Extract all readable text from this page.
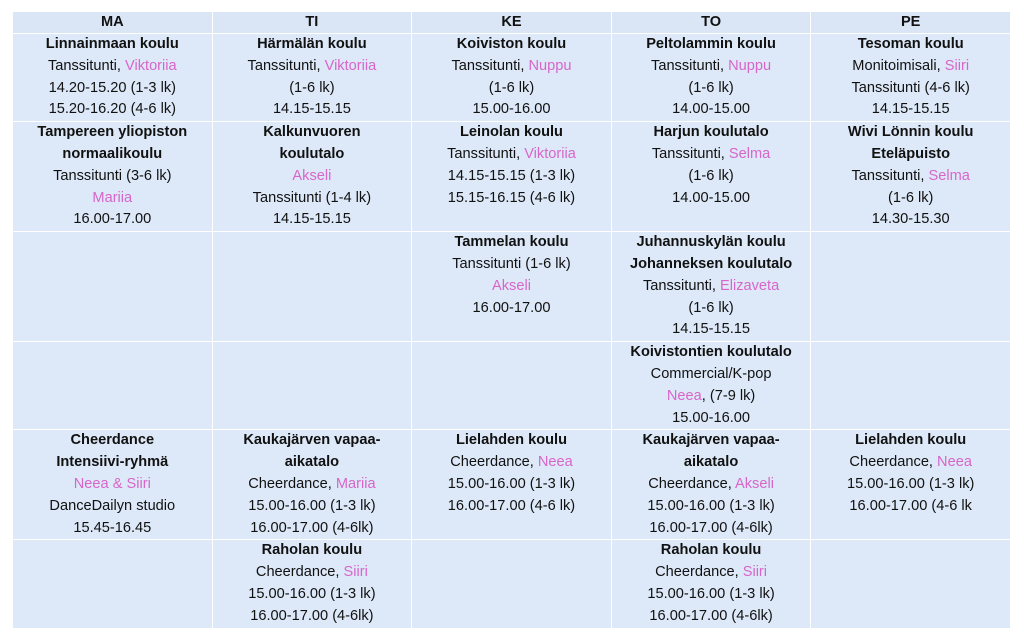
MA	TI	KE	TO	PE

Linnainmaan koulu
Tanssitunti, Viktoriia
14.20-15.20 (1-3 lk)
15.20-16.20 (4-6 lk)	Härmälän koulu
Tanssitunti, Viktoriia
(1-6 lk)
14.15-15.15	Koiviston koulu
Tanssitunti, Nuppu
(1-6 lk)
15.00-16.00	Peltolammin koulu
Tanssitunti, Nuppu
(1-6 lk)
14.00-15.00	Tesoman koulu
Monitoimisali, Siiri
Tanssitunti (4-6 lk)
14.15-15.15

Tampereen yliopiston
normaalikoulu
Tanssitunti (3-6 lk)
Mariia
16.00-17.00	Kalkunvuoren
koulutalo
Akseli
Tanssitunti (1-4 lk)
14.15-15.15	Leinolan koulu
Tanssitunti, Viktoriia
14.15-15.15 (1-3 lk)
15.15-16.15 (4-6 lk)	Harjun koulutalo
Tanssitunti, Selma
(1-6 lk)
14.00-15.00	Wivi Lönnin koulu
Eteläpuisto
Tanssitunti, Selma
(1-6 lk)
14.30-15.30

		Tammelan koulu
Tanssitunti (1-6 lk)
Akseli
16.00-17.00	Juhannuskylän koulu
Johanneksen koulutalo
Tanssitunti, Elizaveta
(1-6 lk)
14.15-15.15	

			Koivistontien koulutalo
Commercial/K-pop
Neea, (7-9 lk)
15.00-16.00	

Cheerdance
Intensiivi-ryhmä
Neea & Siiri
DanceDailyn studio
15.45-16.45	Kaukajärven vapaa-
aikatalo
Cheerdance, Mariia
15.00-16.00 (1-3 lk)
16.00-17.00 (4-6lk)	Lielahden koulu
Cheerdance, Neea
15.00-16.00 (1-3 lk)
16.00-17.00 (4-6 lk)	Kaukajärven vapaa-
aikatalo
Cheerdance, Akseli
15.00-16.00 (1-3 lk)
16.00-17.00 (4-6lk)	Lielahden koulu
Cheerdance, Neea
15.00-16.00 (1-3 lk)
16.00-17.00 (4-6 lk

	Raholan koulu
Cheerdance, Siiri
15.00-16.00 (1-3 lk)
16.00-17.00 (4-6lk)		Raholan koulu
Cheerdance, Siiri
15.00-16.00 (1-3 lk)
16.00-17.00 (4-6lk)	
